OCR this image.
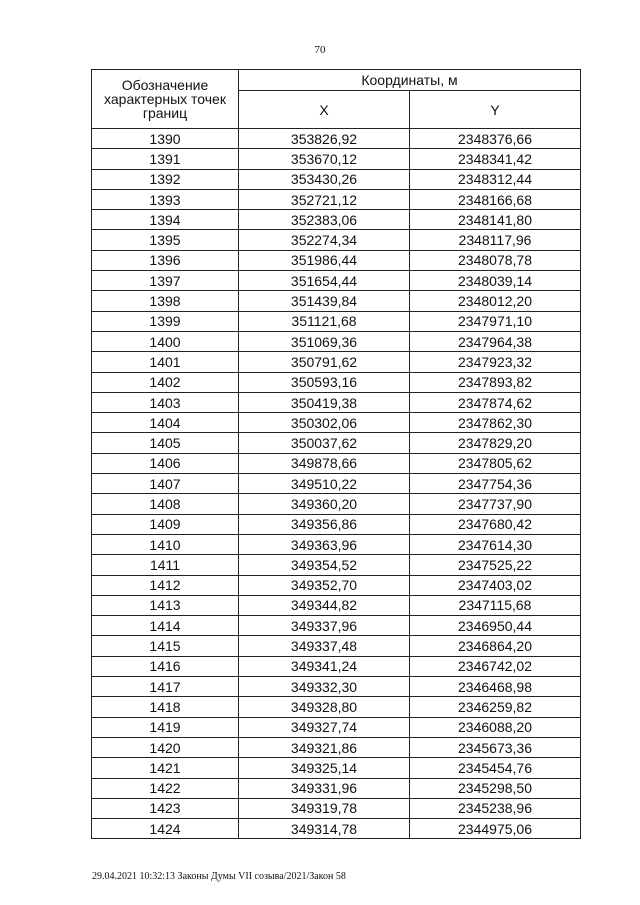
70
Обозначение характерных точек границ	Координаты, м	
	X	Y
1390	353826,92	2348376,66
1391	353670,12	2348341,42
1392	353430,26	2348312,44
1393	352721,12	2348166,68
1394	352383,06	2348141,80
1395	352274,34	2348117,96
1396	351986,44	2348078,78
1397	351654,44	2348039,14
1398	351439,84	2348012,20
1399	351121,68	2347971,10
1400	351069,36	2347964,38
1401	350791,62	2347923,32
1402	350593,16	2347893,82
1403	350419,38	2347874,62
1404	350302,06	2347862,30
1405	350037,62	2347829,20
1406	349878,66	2347805,62
1407	349510,22	2347754,36
1408	349360,20	2347737,90
1409	349356,86	2347680,42
1410	349363,96	2347614,30
1411	349354,52	2347525,22
1412	349352,70	2347403,02
1413	349344,82	2347115,68
1414	349337,96	2346950,44
1415	349337,48	2346864,20
1416	349341,24	2346742,02
1417	349332,30	2346468,98
1418	349328,80	2346259,82
1419	349327,74	2346088,20
1420	349321,86	2345673,36
1421	349325,14	2345454,76
1422	349331,96	2345298,50
1423	349319,78	2345238,96
1424	349314,78	2344975,06
29.04.2021 10:32:13 Законы Думы VII созыва/2021/Закон 58
